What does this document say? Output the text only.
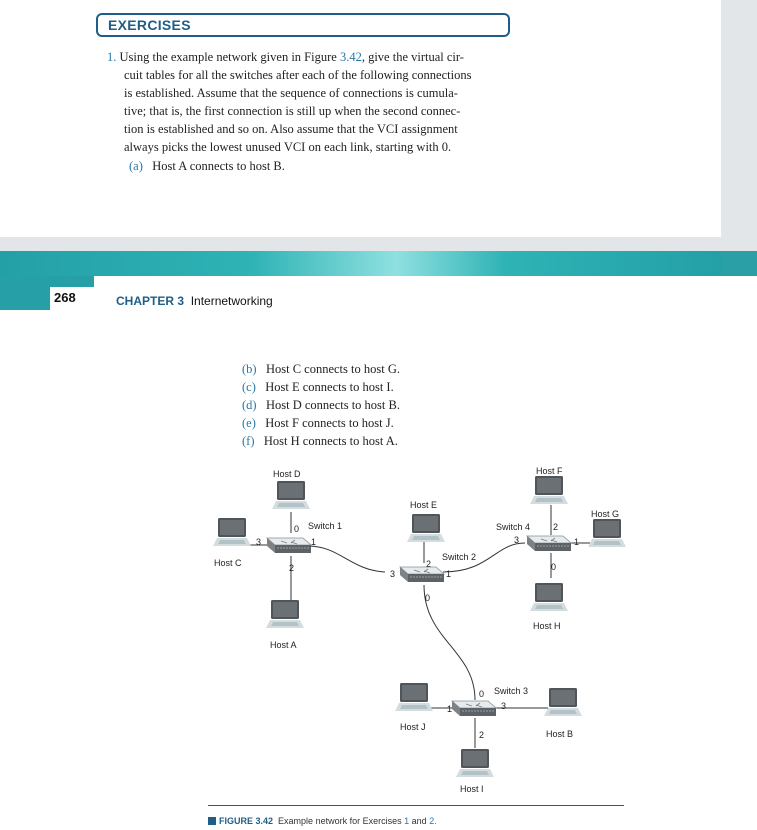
EXERCISES
1. Using the example network given in Figure 3.42, give the virtual cir-
cuit tables for all the switches after each of the following connections
is established. Assume that the sequence of connections is cumula-
tive; that is, the first connection is still up when the second connec-
tion is established and so on. Also assume that the VCI assignment
always picks the lowest unused VCI on each link, starting with 0.
(a) Host A connects to host B.
268	CHAPTER 3 Internetworking
(b) Host C connects to host G.
(c) Host E connects to host I.
(d) Host D connects to host B.
(e) Host F connects to host J.
(f) Host H connects to host A.
Host D
Host C
Host A
Host E
Host F
Host G
Host H
Host J
Host B
Host I
Switch 1
Switch 2
Switch 3
Switch 4
0
1
2
3
0
1
2
3
0
1
2
3
0
1
2
3
FIGURE 3.42 Example network for Exercises 1 and 2.
